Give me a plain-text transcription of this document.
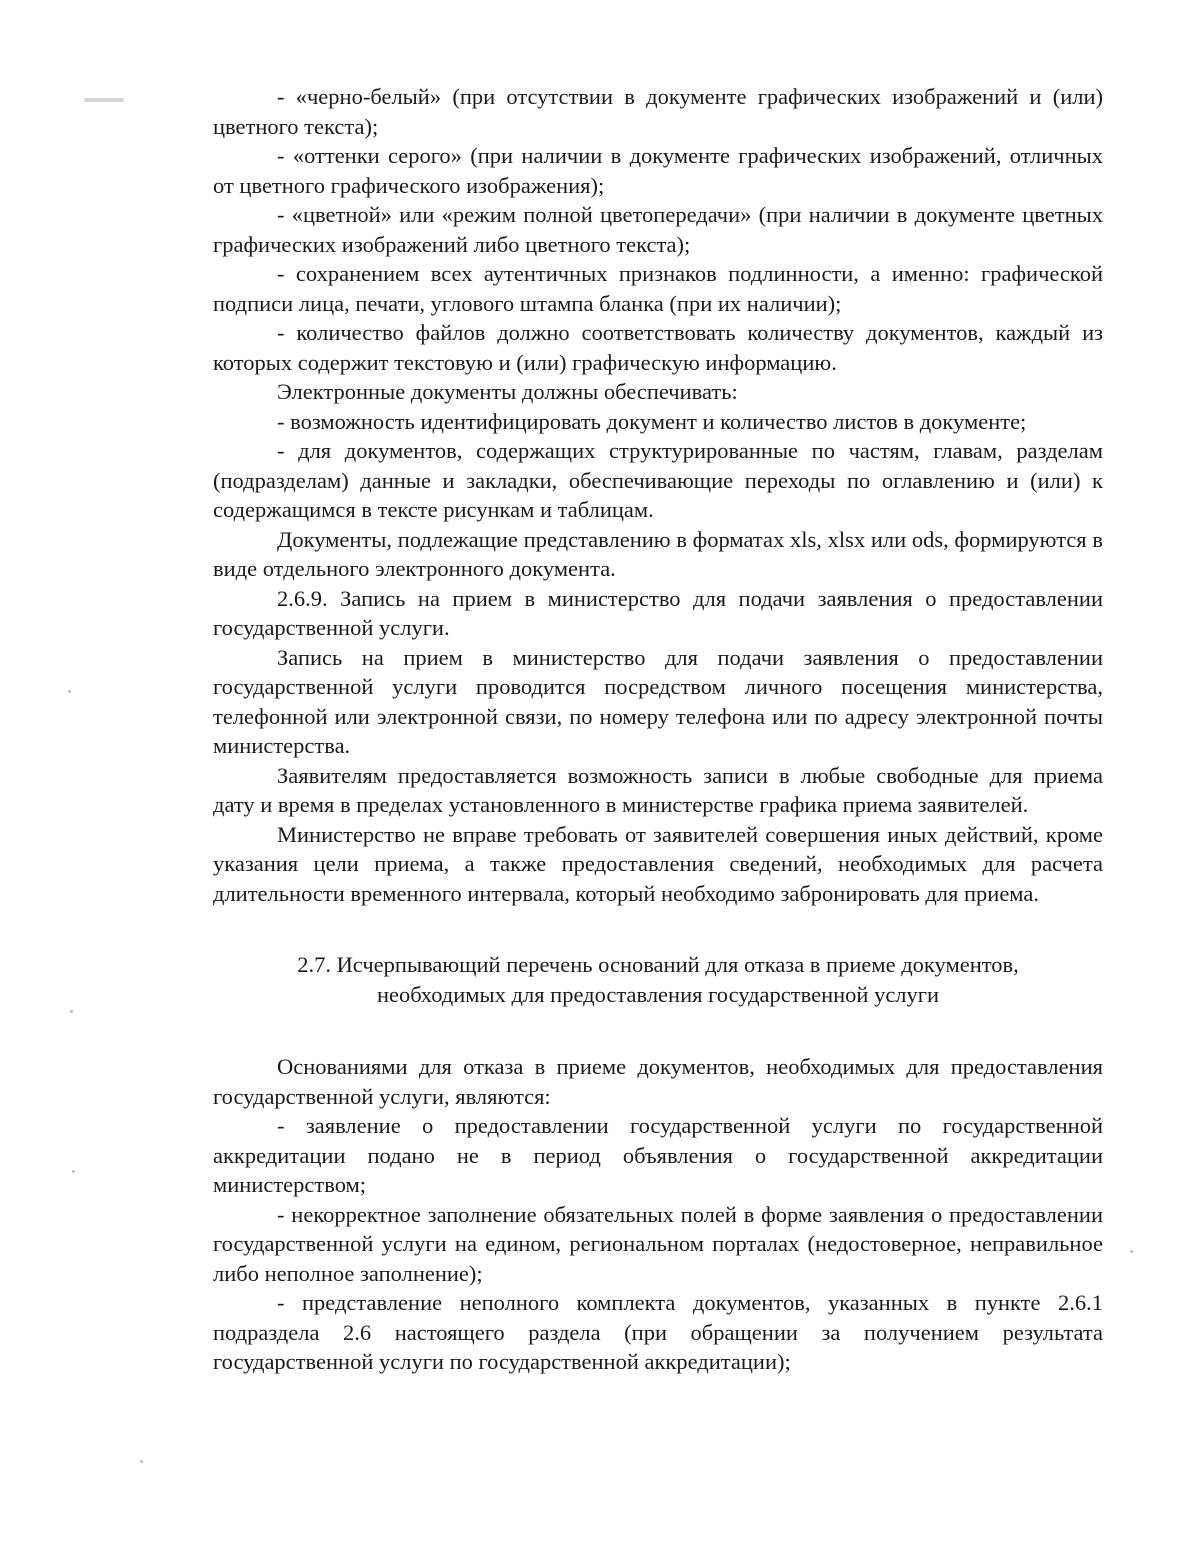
- «черно-белый» (при отсутствии в документе графических изображений и (или) цветного текста);

- «оттенки серого» (при наличии в документе графических изображений, отличных от цветного графического изображения);

- «цветной» или «режим полной цветопередачи» (при наличии в документе цветных графических изображений либо цветного текста);

- сохранением всех аутентичных признаков подлинности, а именно: графической подписи лица, печати, углового штампа бланка (при их наличии);

- количество файлов должно соответствовать количеству документов, каждый из которых содержит текстовую и (или) графическую информацию.

Электронные документы должны обеспечивать:

- возможность идентифицировать документ и количество листов в документе;

- для документов, содержащих структурированные по частям, главам, разделам (подразделам) данные и закладки, обеспечивающие переходы по оглавлению и (или) к содержащимся в тексте рисункам и таблицам.

Документы, подлежащие представлению в форматах xls, xlsx или ods, формируются в виде отдельного электронного документа.

2.6.9. Запись на прием в министерство для подачи заявления о предоставлении государственной услуги.

Запись на прием в министерство для подачи заявления о предоставлении государственной услуги проводится посредством личного посещения министерства, телефонной или электронной связи, по номеру телефона или по адресу электронной почты министерства.

Заявителям предоставляется возможность записи в любые свободные для приема дату и время в пределах установленного в министерстве графика приема заявителей.

Министерство не вправе требовать от заявителей совершения иных действий, кроме указания цели приема, а также предоставления сведений, необходимых для расчета длительности временного интервала, который необходимо забронировать для приема.

2.7. Исчерпывающий перечень оснований для отказа в приеме документов, необходимых для предоставления государственной услуги

Основаниями для отказа в приеме документов, необходимых для предоставления государственной услуги, являются:

- заявление о предоставлении государственной услуги по государственной аккредитации подано не в период объявления о государственной аккредитации министерством;

- некорректное заполнение обязательных полей в форме заявления о предоставлении государственной услуги на едином, региональном порталах (недостоверное, неправильное либо неполное заполнение);

- представление неполного комплекта документов, указанных в пункте 2.6.1 подраздела 2.6 настоящего раздела (при обращении за получением результата государственной услуги по государственной аккредитации);
